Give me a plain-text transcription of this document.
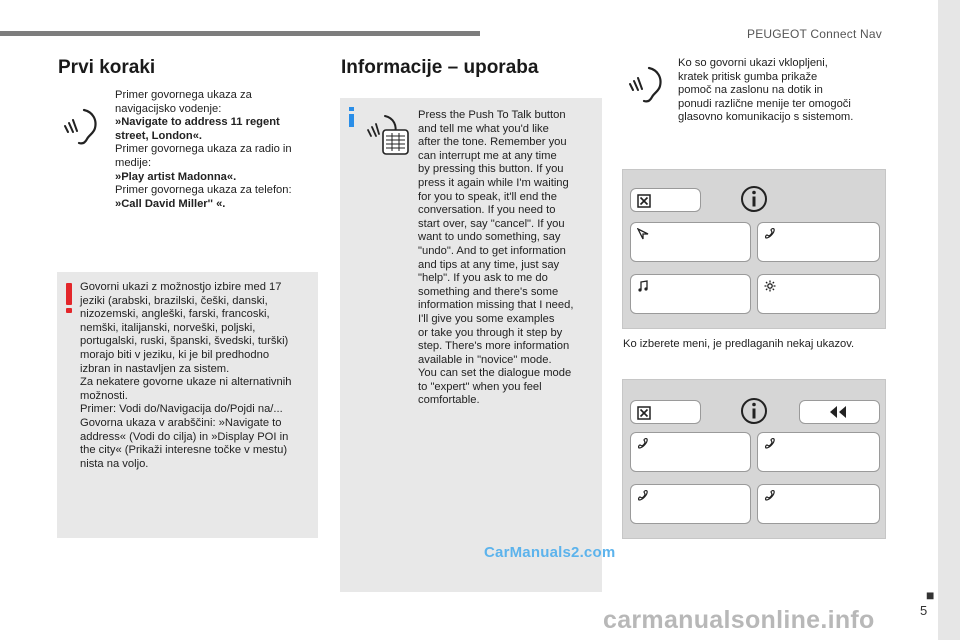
PEUGEOT Connect Nav
■
5
Prvi koraki
Primer govornega ukaza za
navigacijsko vodenje:
»Navigate to address 11 regent
street, London«.
Primer govornega ukaza za radio in
medije:
»Play artist Madonna«.
Primer govornega ukaza za telefon:
»Call David Miller'' «.
Govorni ukazi z možnostjo izbire med 17
jeziki (arabski, brazilski, češki, danski,
nizozemski, angleški, farski, francoski,
nemški, italijanski, norveški, poljski,
portugalski, ruski, španski, švedski, turški)
morajo biti v jeziku, ki je bil predhodno
izbran in nastavljen za sistem.
Za nekatere govorne ukaze ni alternativnih
možnosti.
Primer: Vodi do/Navigacija do/Pojdi na/...
Govorna ukaza v arabščini: »Navigate to
address« (Vodi do cilja) in »Display POI in
the city« (Prikaži interesne točke v mestu)
nista na voljo.
Informacije – uporaba
Press the Push To Talk button
and tell me what you'd like
after the tone. Remember you
can interrupt me at any time
by pressing this button. If you
press it again while I'm waiting
for you to speak, it'll end the
conversation. If you need to
start over, say "cancel". If you
want to undo something, say
"undo". And to get information
and tips at any time, just say
"help". If you ask to me do
something and there's some
information missing that I need,
I'll give you some examples
or take you through it step by
step. There's more information
available in "novice" mode.
You can set the dialogue mode
to "expert" when you feel
comfortable.
CarManuals2.com
Ko so govorni ukazi vklopljeni,
kratek pritisk gumba prikaže
pomoč na zaslonu na dotik in
ponudi različne menije ter omogoči
glasovno komunikacijo s sistemom.
Ko izberete meni, je predlaganih nekaj ukazov.
carmanualsonline.info
